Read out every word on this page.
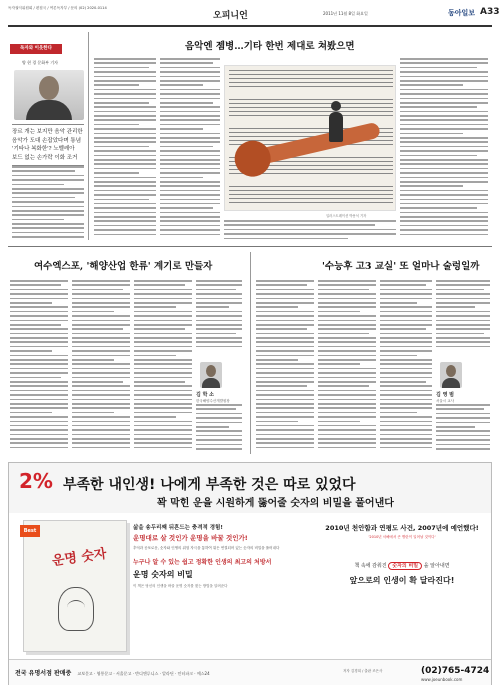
독자권익위원회 / 편집국 / 여론독자부 / 문의 (02) 2020-0114
오피니언	2011년 11월 8일 화요일	동아일보 A33
독자와 이웃한다
양 현 경 문화부 기자
장르 개는 보지만 음악 관리한
음악가 도대 손잡았다며 통념
'기타나 복화한'? 노벨레아
보드 없는 손가락 이화 조거
음악엔 젬병…기타 한번 제대로 쳐봤으면
일러스트레이션 박용석 기자
여수엑스포, '해양산업 한류' 계기로 만들자
김 학 소
한국해양수산개발원장
'수능후 고3 교실' 또 얼마나 술렁일까
김 영 범
서울시 교사
2% 부족한 내인생! 나에게 부족한 것은 따로 있었다
꽉 막힌 운을 시원하게 뚫어줄 숫자의 비밀을 풀어낸다
Best
운명 숫자
삶을 송두리째 뒤흔드는 충격적 경험!
운명대로 살 것인가 운명을 바꿀 것인가!
추억과 공포로운, 숫자와 인생의 위험 자극을 통하여 뭐든 연결되어 있는 숫자의 비밀을 풀어내다
누구나 알 수 있는 쉽고 정확한 인생의 최고의 처방서
운명 숫자의 비밀
이 책은 당신의 인생을 바꿀 운명 숫자를 찾는 방법을 알려준다
2010년 천안함과 연평도 사건, 2007년에 예언했다!
'2010년 서해에서 큰 병란이 일어날 것이다'
책 속에 감춰진 숫자의 비밀 을 알아내면
앞으로의 인생이 확 달라진다!
전국 유명서점 판매중 교보문고 · 영풍문고 · 서울문고 · 반디앤루니스 · 알라딘 · 인터파크 · 예스24	저자 김경희 / 출판 조은사	(02)765-4724
www.joeunbook.com
